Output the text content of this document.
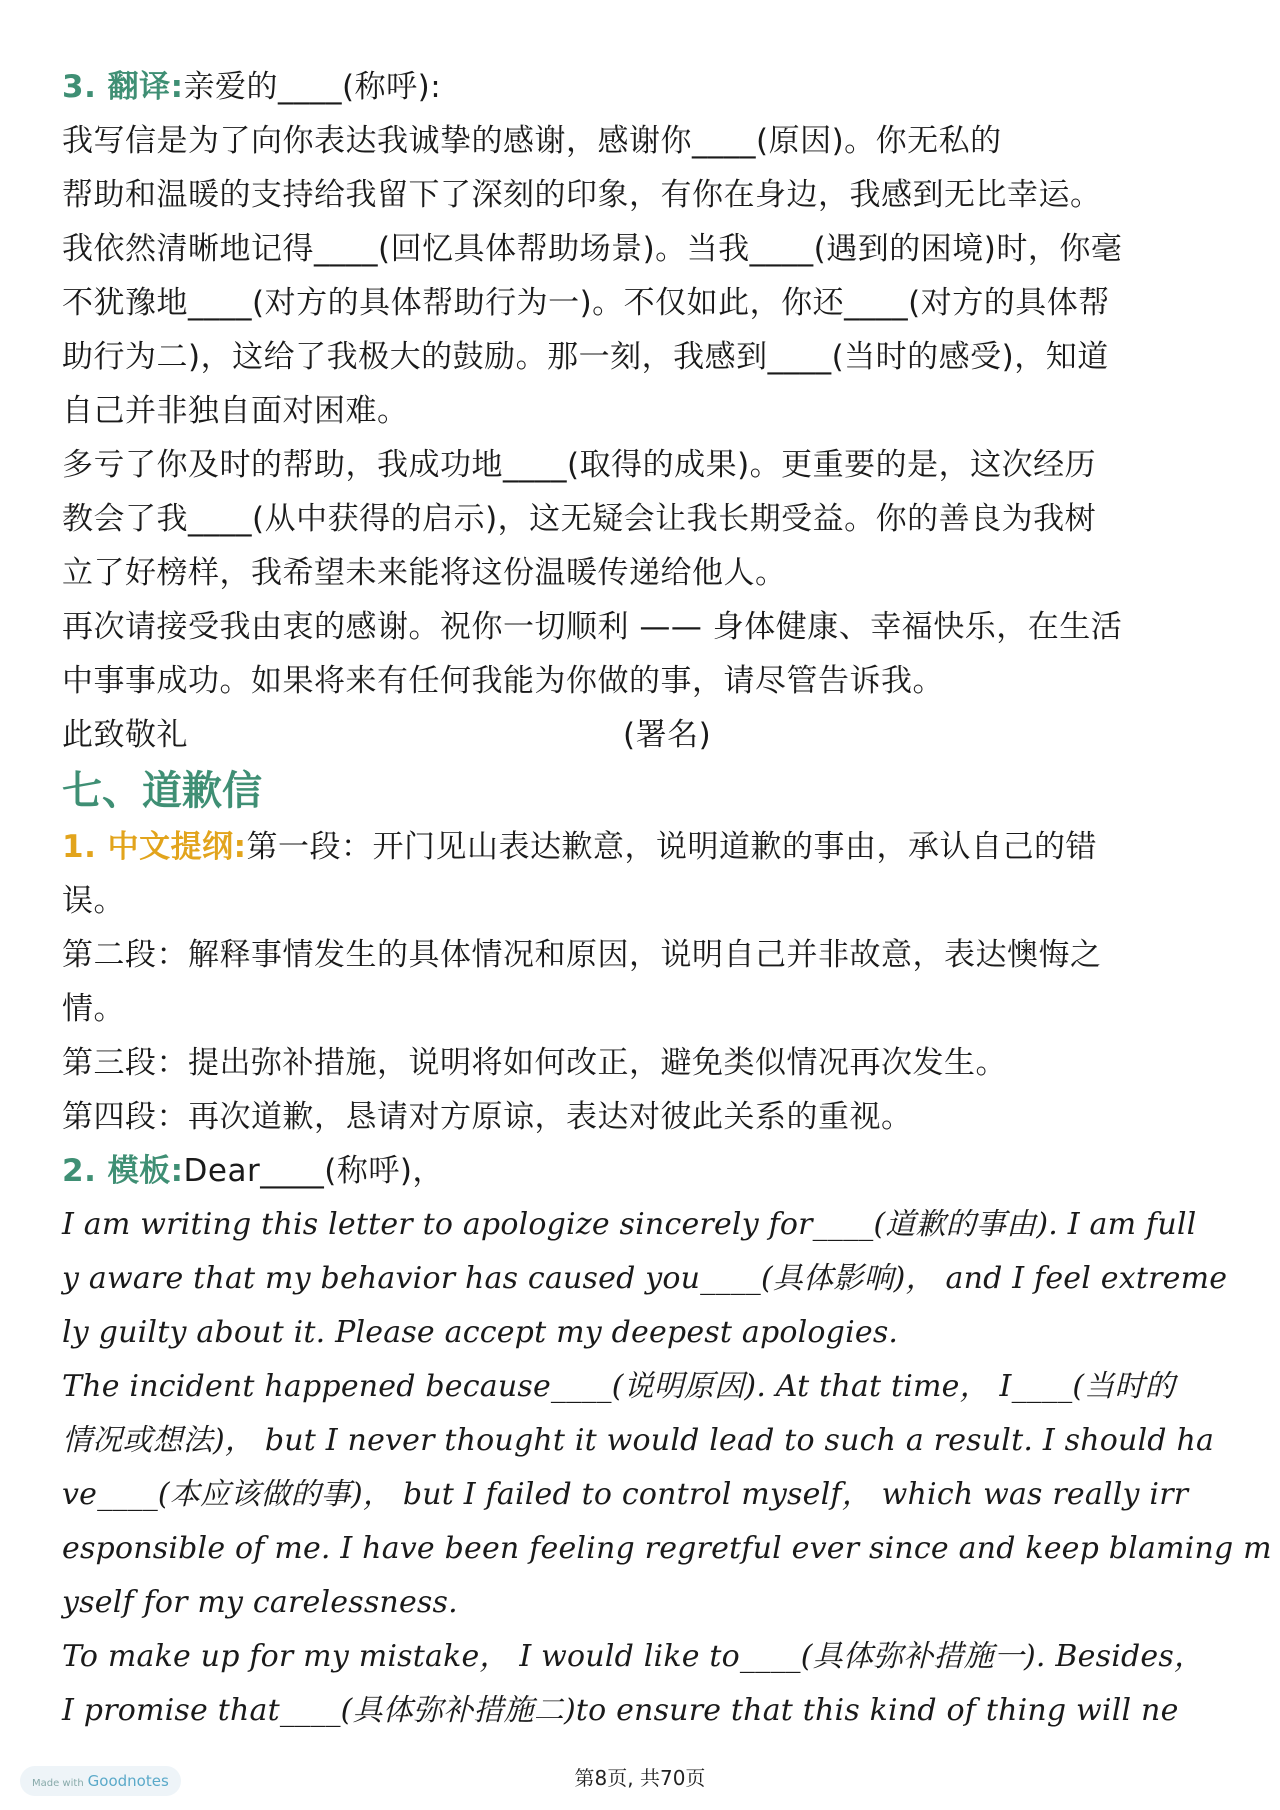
3. 翻译:亲爱的____(称呼):
我写信是为了向你表达我诚挚的感谢，感谢你____(原因)。你无私的
帮助和温暖的支持给我留下了深刻的印象，有你在身边，我感到无比幸运。
我依然清晰地记得____(回忆具体帮助场景)。当我____(遇到的困境)时，你毫
不犹豫地____(对方的具体帮助行为一)。不仅如此，你还____(对方的具体帮
助行为二)，这给了我极大的鼓励。那一刻，我感到____(当时的感受)，知道
自己并非独自面对困难。
多亏了你及时的帮助，我成功地____(取得的成果)。更重要的是，这次经历
教会了我____(从中获得的启示)，这无疑会让我长期受益。你的善良为我树
立了好榜样，我希望未来能将这份温暖传递给他人。
再次请接受我由衷的感谢。祝你一切顺利 —— 身体健康、幸福快乐，在生活
中事事成功。如果将来有任何我能为你做的事，请尽管告诉我。
此致敬礼	(署名)
七、道歉信
1. 中文提纲:第一段：开门见山表达歉意，说明道歉的事由，承认自己的错
误。
第二段：解释事情发生的具体情况和原因，说明自己并非故意，表达懊悔之
情。
第三段：提出弥补措施，说明将如何改正，避免类似情况再次发生。
第四段：再次道歉，恳请对方原谅，表达对彼此关系的重视。
2. 模板:Dear____(称呼)，
I am writing this letter to apologize sincerely for____(道歉的事由). I am full
y aware that my behavior has caused you____(具体影响)， and I feel extreme
ly guilty about it. Please accept my deepest apologies.
The incident happened because____(说明原因). At that time， I____(当时的
情况或想法)， but I never thought it would lead to such a result. I should ha
ve____(本应该做的事)， but I failed to control myself， which was really irr
esponsible of me. I have been feeling regretful ever since and keep blaming m
yself for my carelessness.
To make up for my mistake， I would like to____(具体弥补措施一). Besides，
I promise that____(具体弥补措施二)to ensure that this kind of thing will ne
Made with Goodnotes	第8页, 共70页
